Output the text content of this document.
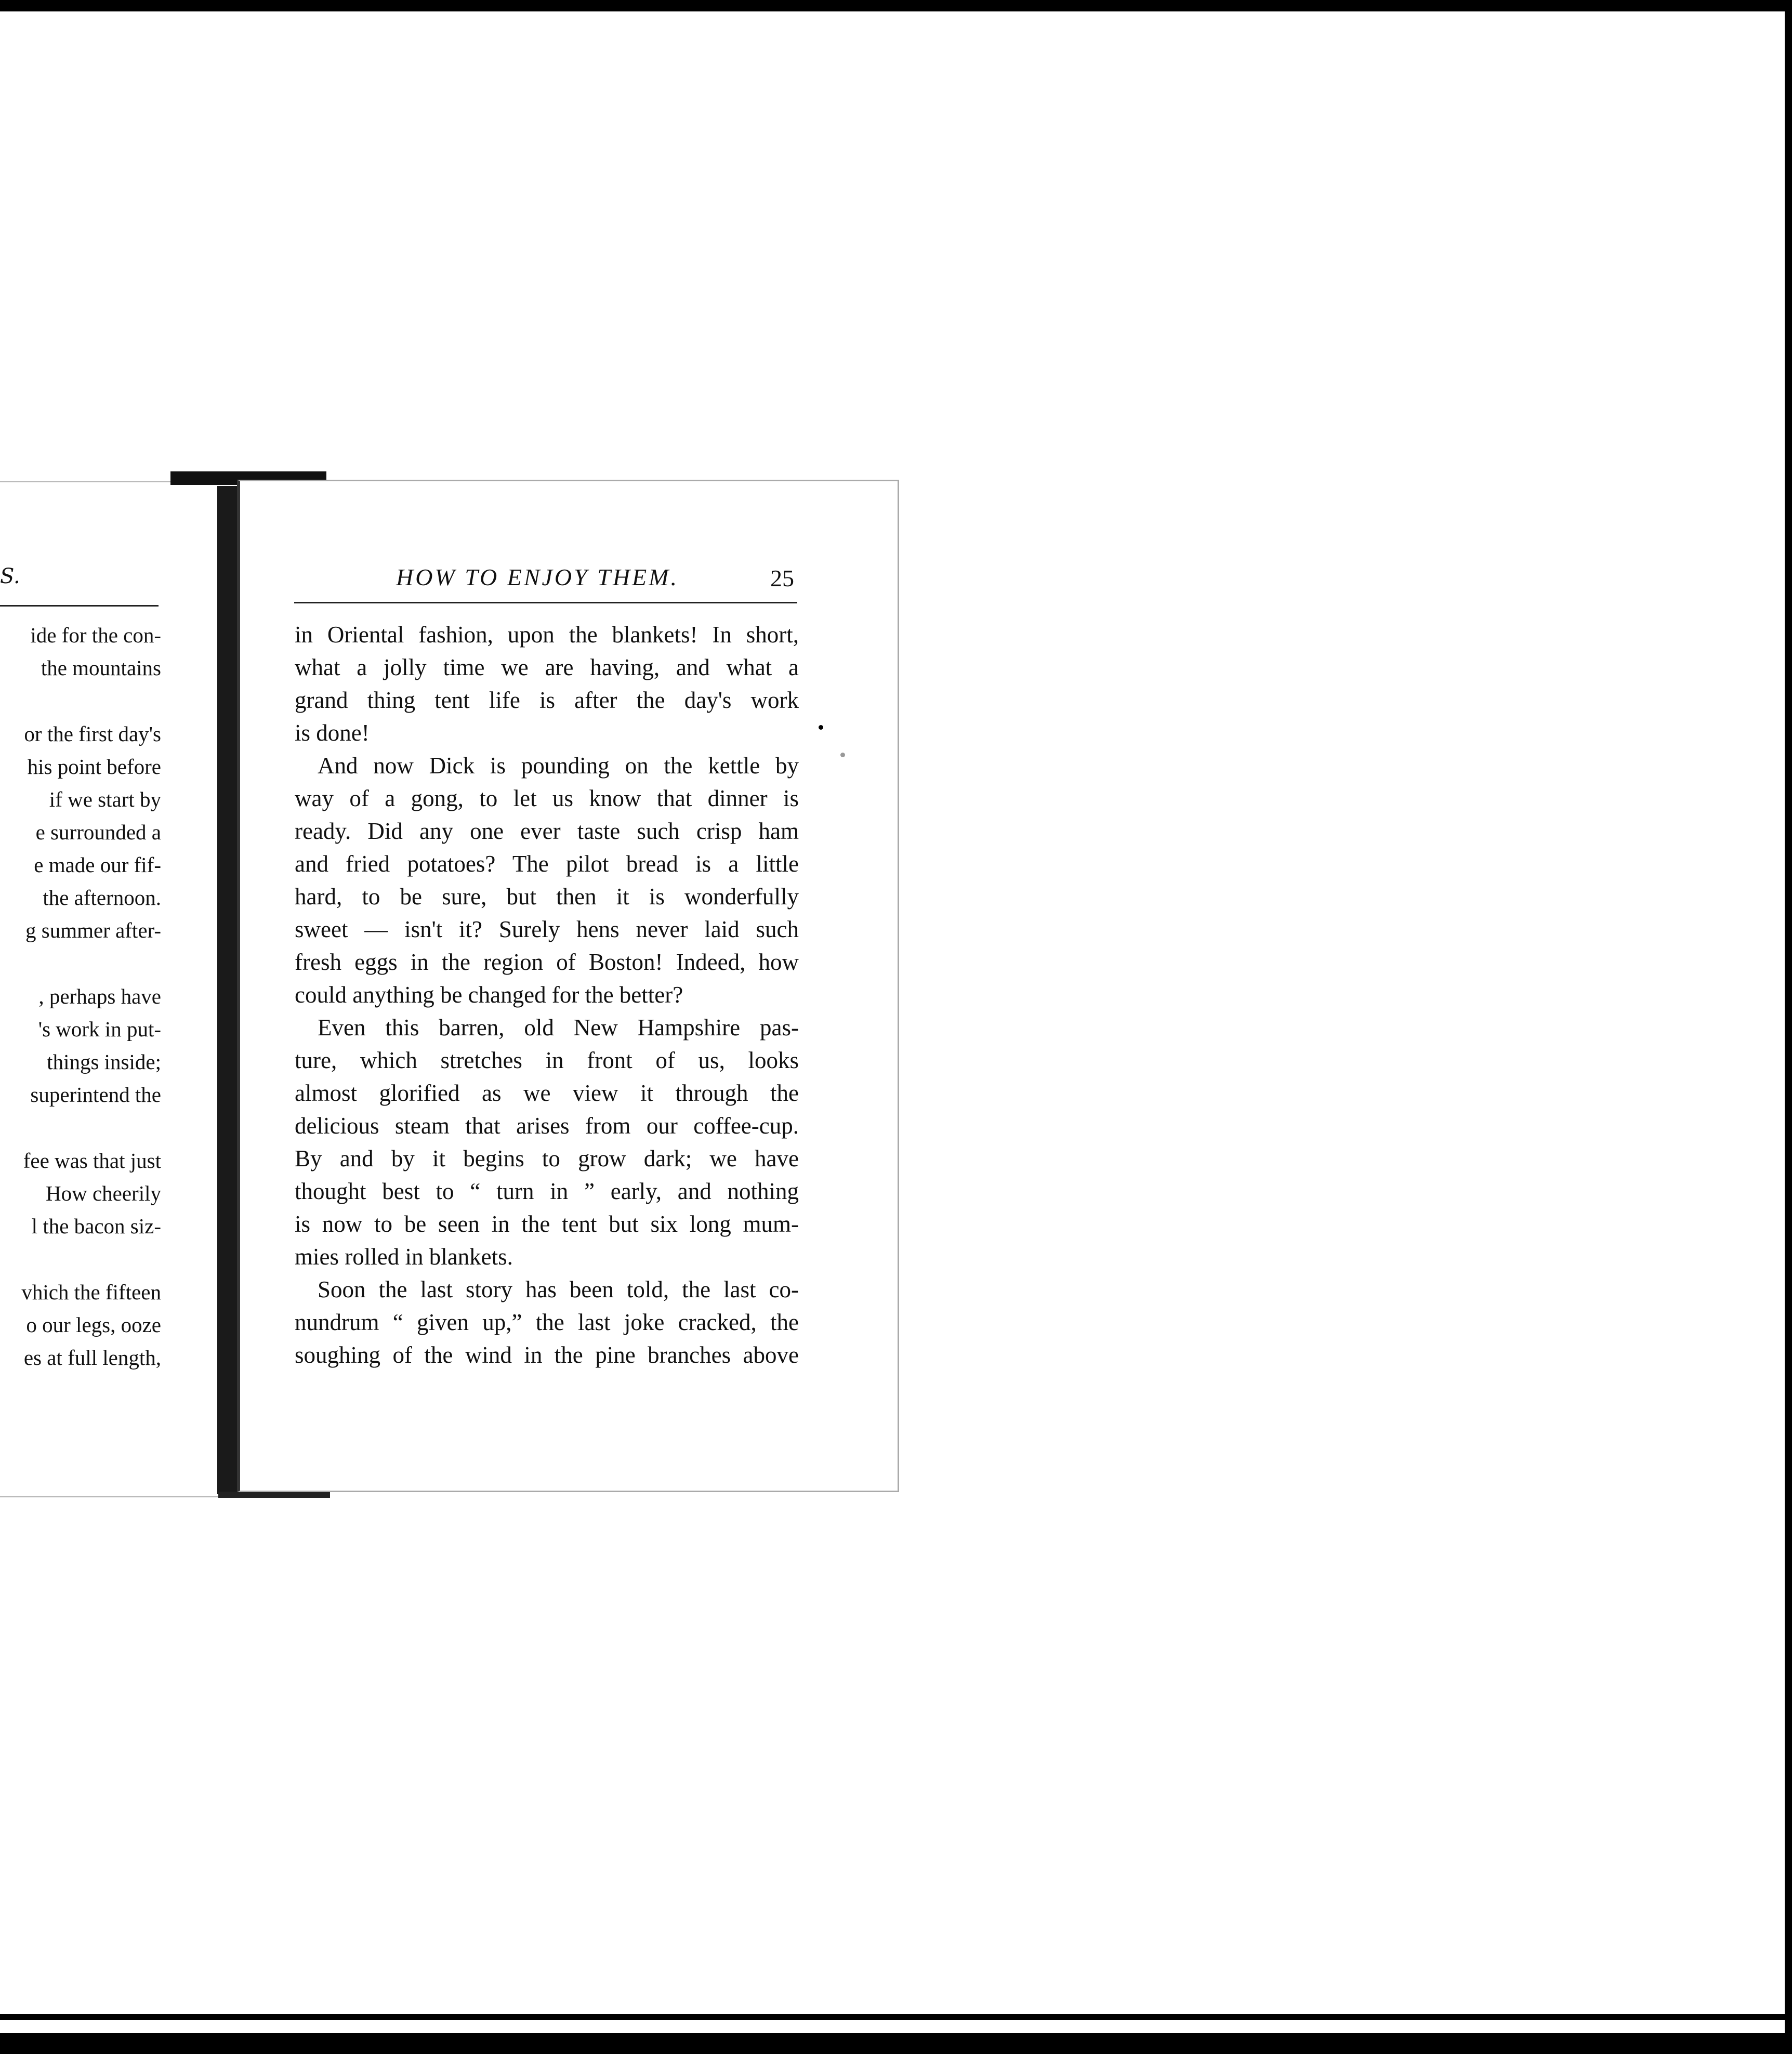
S.
ide for the con-
the mountains
or the first day's
his point before
if we start by
e surrounded a
e made our fif-
the afternoon.
g summer after-
, perhaps have
's work in put-
things inside;
superintend the
fee was that just
How cheerily
l the bacon siz-
vhich the fifteen
o our legs, ooze
es at full length,
HOW TO ENJOY THEM.	25
in Oriental fashion, upon the blankets! In short,
what a jolly time we are having, and what a
grand thing tent life is after the day's work
is done!
And now Dick is pounding on the kettle by
way of a gong, to let us know that dinner is
ready. Did any one ever taste such crisp ham
and fried potatoes? The pilot bread is a little
hard, to be sure, but then it is wonderfully
sweet — isn't it? Surely hens never laid such
fresh eggs in the region of Boston! Indeed, how
could anything be changed for the better?
Even this barren, old New Hampshire pas-
ture, which stretches in front of us, looks
almost glorified as we view it through the
delicious steam that arises from our coffee-cup.
By and by it begins to grow dark; we have
thought best to “ turn in ” early, and nothing
is now to be seen in the tent but six long mum-
mies rolled in blankets.
Soon the last story has been told, the last co-
nundrum “ given up,” the last joke cracked, the
soughing of the wind in the pine branches above
